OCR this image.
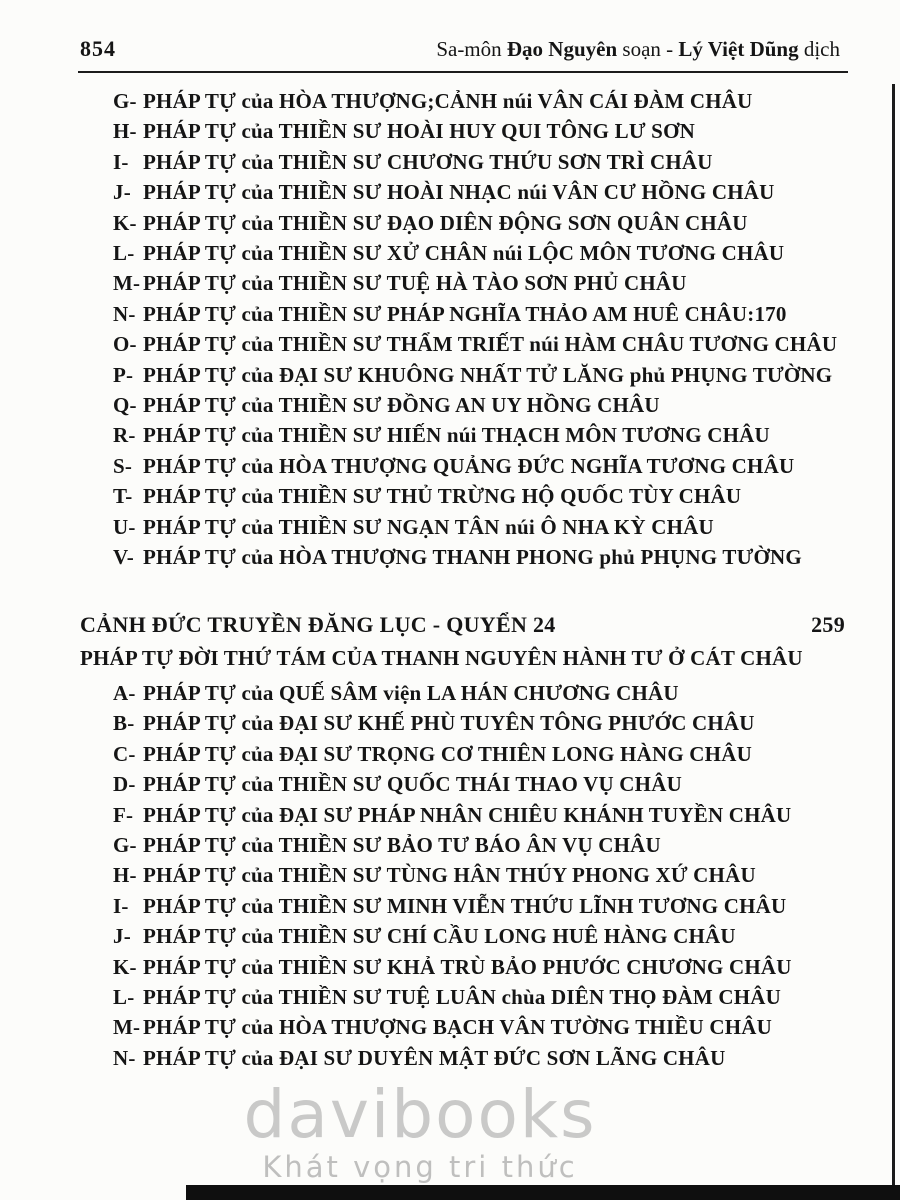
854	Sa-môn Đạo Nguyên soạn - Lý Việt Dũng dịch
G- PHÁP TỰ của HÒA THƯỢNG;CẢNH núi VÂN CÁI ĐÀM CHÂU
H- PHÁP TỰ của THIỀN SƯ HOÀI HUY QUI TÔNG LƯ SƠN
I- PHÁP TỰ của THIỀN SƯ CHƯƠNG THỨU SƠN TRÌ CHÂU
J- PHÁP TỰ của THIỀN SƯ HOÀI NHẠC núi VÂN CƯ HỒNG CHÂU
K- PHÁP TỰ của THIỀN SƯ ĐẠO DIÊN ĐỘNG SƠN QUÂN CHÂU
L- PHÁP TỰ của THIỀN SƯ XỬ CHÂN núi LỘC MÔN TƯƠNG CHÂU
M- PHÁP TỰ của THIỀN SƯ TUỆ HÀ TÀO SƠN PHỦ CHÂU
N- PHÁP TỰ của THIỀN SƯ PHÁP NGHĨA THẢO AM HUÊ CHÂU:170
O- PHÁP TỰ của THIỀN SƯ THẨM TRIẾT núi HÀM CHÂU TƯƠNG CHÂU
P- PHÁP TỰ của ĐẠI SƯ KHUÔNG NHẤT TỬ LĂNG phủ PHỤNG TƯỜNG
Q- PHÁP TỰ của THIỀN SƯ ĐỒNG AN UY HỒNG CHÂU
R- PHÁP TỰ của THIỀN SƯ HIẾN núi THẠCH MÔN TƯƠNG CHÂU
S- PHÁP TỰ của HÒA THƯỢNG QUẢNG ĐỨC NGHĨA TƯƠNG CHÂU
T- PHÁP TỰ của THIỀN SƯ THỦ TRỪNG HỘ QUỐC TÙY CHÂU
U- PHÁP TỰ của THIỀN SƯ NGẠN TÂN núi Ô NHA KỲ CHÂU
V- PHÁP TỰ của HÒA THƯỢNG THANH PHONG phủ PHỤNG TƯỜNG
CẢNH ĐỨC TRUYỀN ĐĂNG LỤC - QUYỂN 24	259
PHÁP TỰ ĐỜI THỨ TÁM CỦA THANH NGUYÊN HÀNH TƯ Ở CÁT CHÂU
A- PHÁP TỰ của QUẾ SÂM viện LA HÁN CHƯƠNG CHÂU
B- PHÁP TỰ của ĐẠI SƯ KHẾ PHÙ TUYÊN TÔNG PHƯỚC CHÂU
C- PHÁP TỰ của ĐẠI SƯ TRỌNG CƠ THIÊN LONG HÀNG CHÂU
D- PHÁP TỰ của THIỀN SƯ QUỐC THÁI THAO VỤ CHÂU
F- PHÁP TỰ của ĐẠI SƯ PHÁP NHÂN CHIÊU KHÁNH TUYỀN CHÂU
G- PHÁP TỰ của THIỀN SƯ BẢO TƯ BÁO ÂN VỤ CHÂU
H- PHÁP TỰ của THIỀN SƯ TÙNG HÂN THÚY PHONG XỨ CHÂU
I- PHÁP TỰ của THIỀN SƯ MINH VIỄN THỨU LĨNH TƯƠNG CHÂU
J- PHÁP TỰ của THIỀN SƯ CHÍ CẦU LONG HUÊ HÀNG CHÂU
K- PHÁP TỰ của THIỀN SƯ KHẢ TRÙ BẢO PHƯỚC CHƯƠNG CHÂU
L- PHÁP TỰ của THIỀN SƯ TUỆ LUÂN chùa DIÊN THỌ ĐÀM CHÂU
M- PHÁP TỰ của HÒA THƯỢNG BẠCH VÂN TƯỜNG THIỀU CHÂU
N- PHÁP TỰ của ĐẠI SƯ DUYÊN MẬT ĐỨC SƠN LÃNG CHÂU
davibooks
Khát vọng tri thức
